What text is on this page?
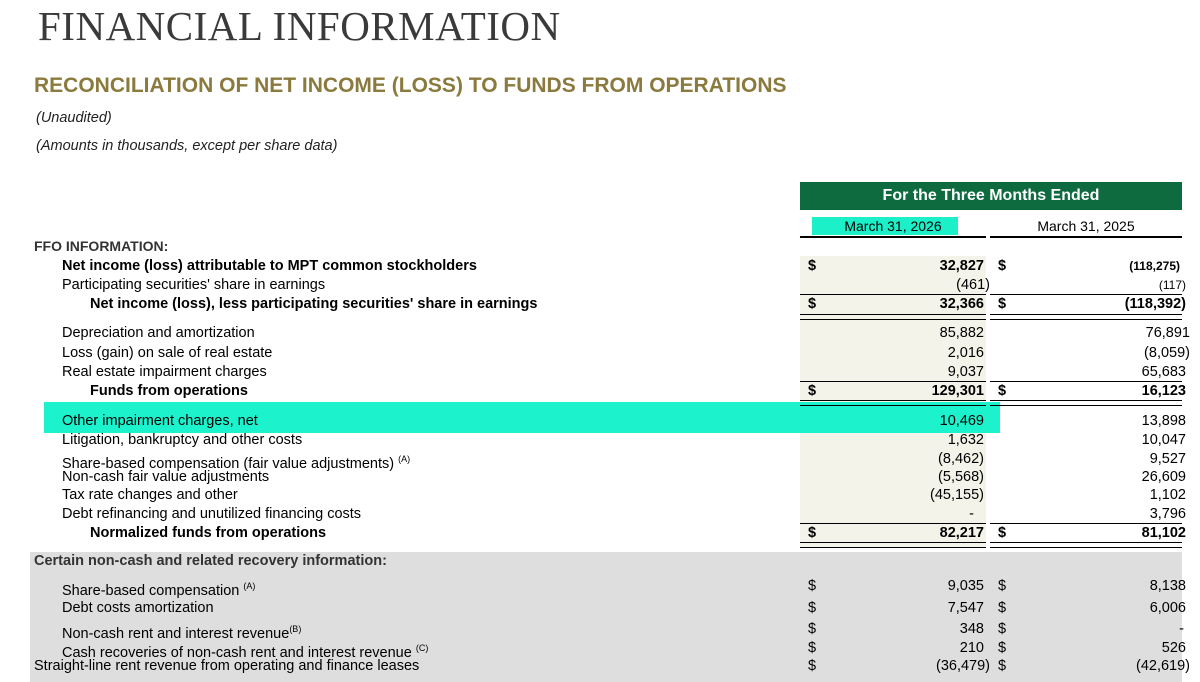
FINANCIAL INFORMATION
RECONCILIATION OF NET INCOME (LOSS) TO FUNDS FROM OPERATIONS
(Unaudited)
(Amounts in thousands, except per share data)
For the Three Months Ended
March 31, 2026	March 31, 2025
FFO INFORMATION:
Net income (loss) attributable to MPT common stockholders	$	32,827 $	(118,275)
Participating securities' share in earnings	(461)	(117)
Net income (loss), less participating securities' share in earnings	$	32,366 $	(118,392)
Depreciation and amortization	85,882	76,891
Loss (gain) on sale of real estate	2,016	(8,059)
Real estate impairment charges	9,037	65,683
Funds from operations	$	129,301 $	16,123
Other impairment charges, net	10,469	13,898
Litigation, bankruptcy and other costs	1,632	10,047
Share-based compensation (fair value adjustments) $^{(A)}$	(8,462)	9,527
Non-cash fair value adjustments	(5,568)	26,609
Tax rate changes and other	(45,155)	1,102
Debt refinancing and unutilized financing costs	-	3,796
Normalized funds from operations	$	82,217 $	81,102
Certain non-cash and related recovery information:
Share-based compensation $^{(A)}$	$	9,035 $	8,138
Debt costs amortization	$	7,547 $	6,006
Non-cash rent and interest revenue$^{(B)}$	$	348 $	-
Cash recoveries of non-cash rent and interest revenue $^{(C)}$	$	210 $	526
Straight-line rent revenue from operating and finance leases	$	(36,479) $	(42,619)
